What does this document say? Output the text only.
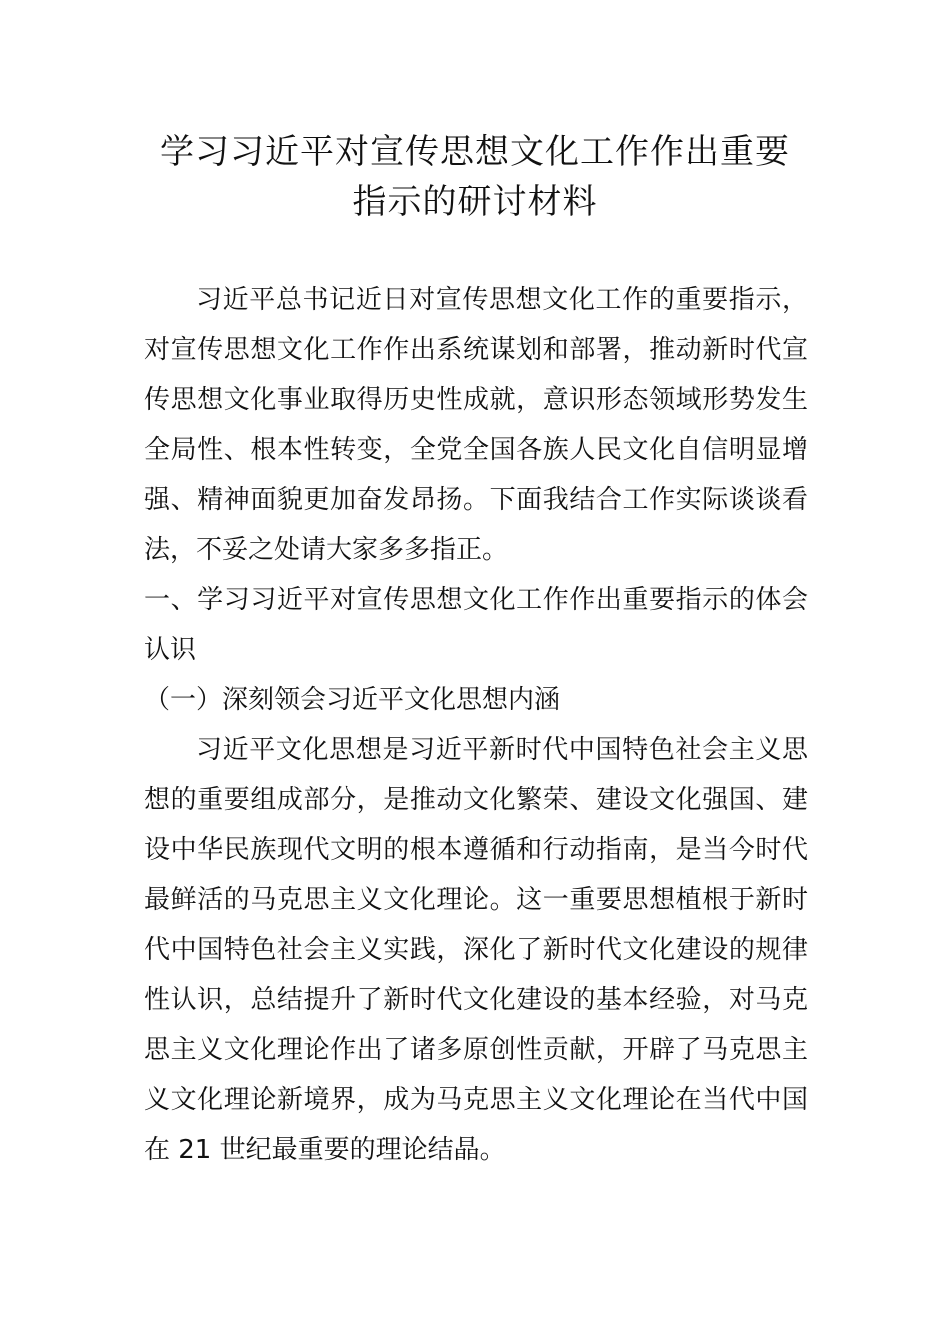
学习习近平对宣传思想文化工作作出重要
指示的研讨材料
习近平总书记近日对宣传思想文化工作的重要指示，
对宣传思想文化工作作出系统谋划和部署，推动新时代宣
传思想文化事业取得历史性成就，意识形态领域形势发生
全局性、根本性转变，全党全国各族人民文化自信明显增
强、精神面貌更加奋发昂扬。下面我结合工作实际谈谈看
法，不妥之处请大家多多指正。
一、学习习近平对宣传思想文化工作作出重要指示的体会
认识
（一）深刻领会习近平文化思想内涵
习近平文化思想是习近平新时代中国特色社会主义思
想的重要组成部分，是推动文化繁荣、建设文化强国、建
设中华民族现代文明的根本遵循和行动指南，是当今时代
最鲜活的马克思主义文化理论。这一重要思想植根于新时
代中国特色社会主义实践，深化了新时代文化建设的规律
性认识，总结提升了新时代文化建设的基本经验，对马克
思主义文化理论作出了诸多原创性贡献，开辟了马克思主
义文化理论新境界，成为马克思主义文化理论在当代中国
在 21 世纪最重要的理论结晶。
